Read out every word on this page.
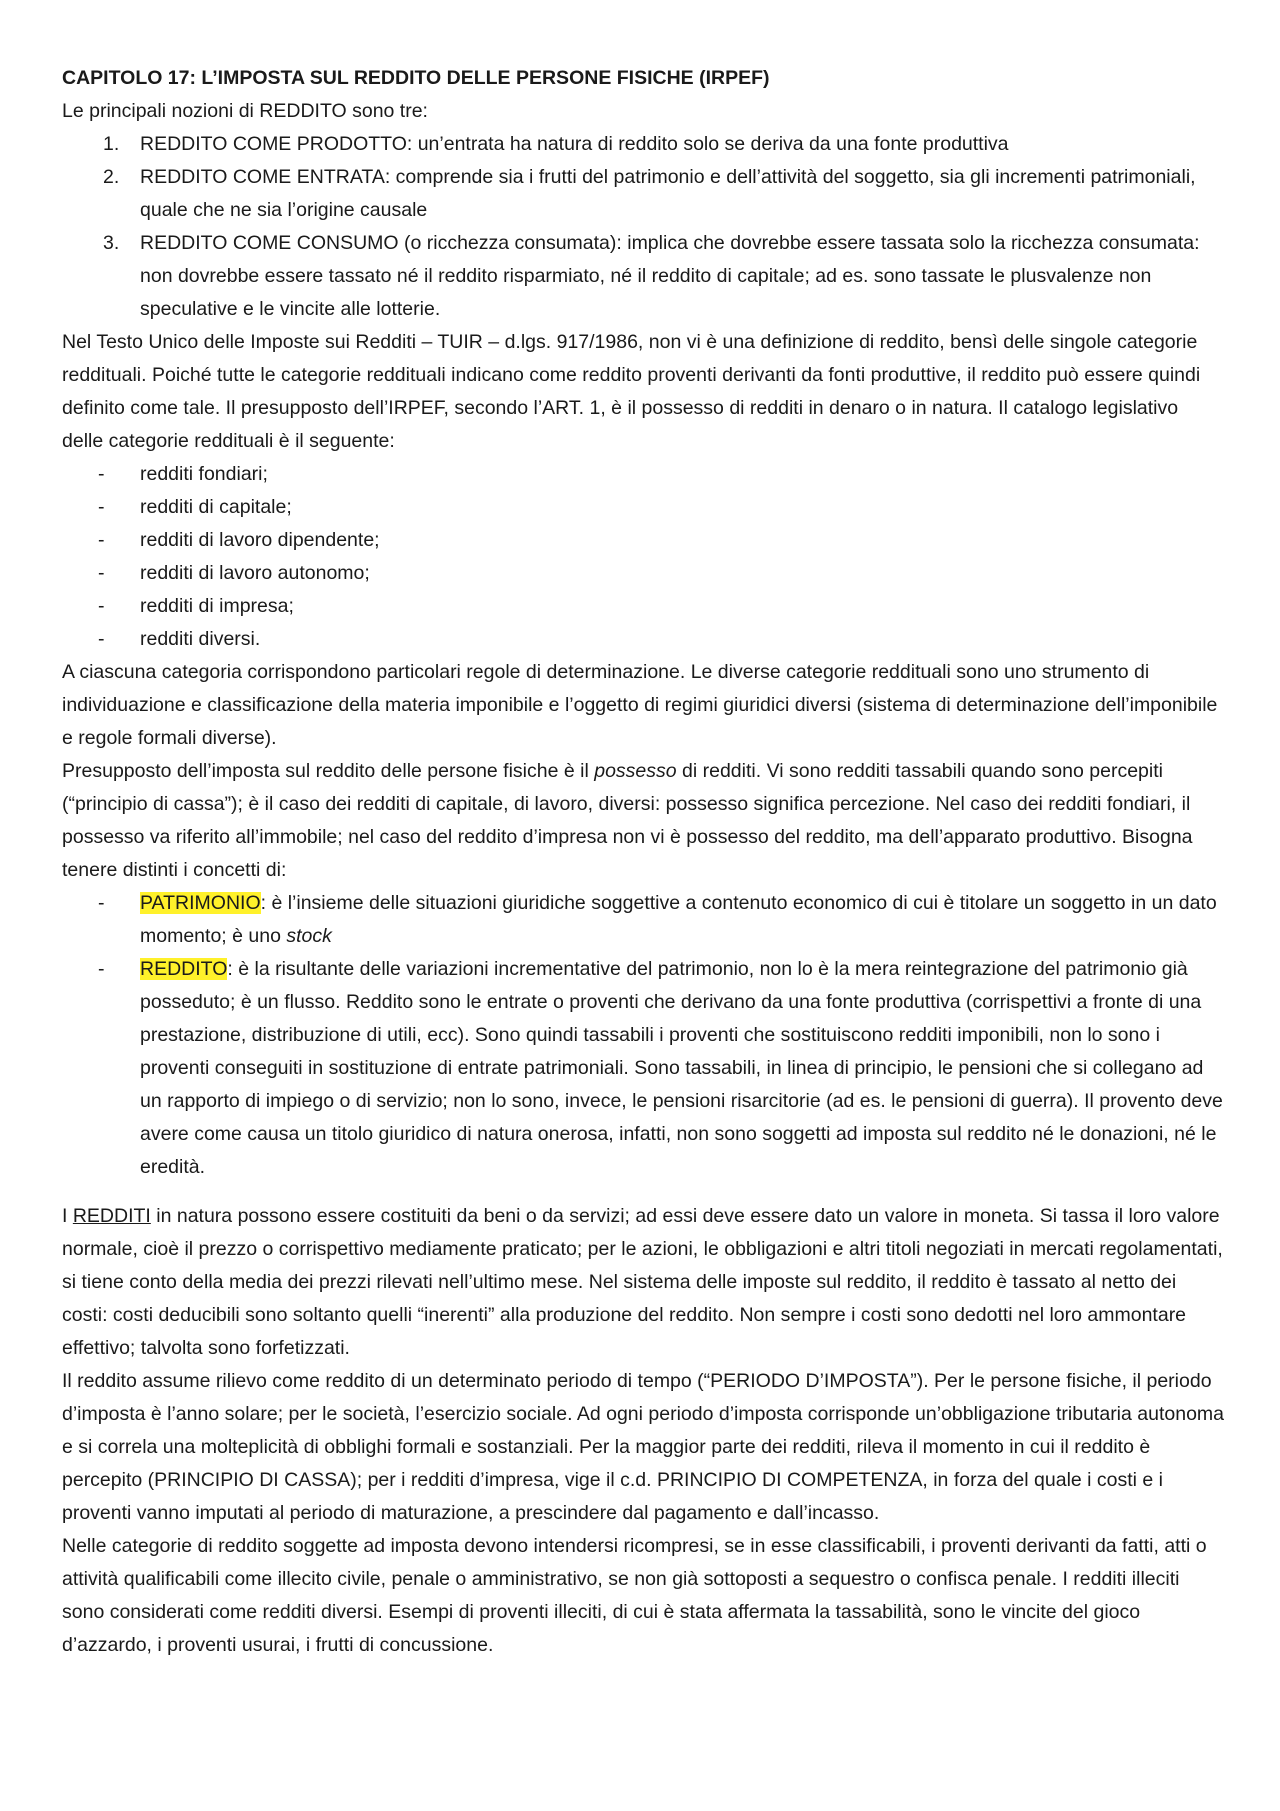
CAPITOLO 17: L’IMPOSTA SUL REDDITO DELLE PERSONE FISICHE (IRPEF)

Le principali nozioni di REDDITO sono tre:

1. REDDITO COME PRODOTTO: un’entrata ha natura di reddito solo se deriva da una fonte produttiva
2. REDDITO COME ENTRATA: comprende sia i frutti del patrimonio e dell’attività del soggetto, sia gli incrementi patrimoniali, quale che ne sia l’origine causale
3. REDDITO COME CONSUMO (o ricchezza consumata): implica che dovrebbe essere tassata solo la ricchezza consumata: non dovrebbe essere tassato né il reddito risparmiato, né il reddito di capitale; ad es. sono tassate le plusvalenze non speculative e le vincite alle lotterie.

Nel Testo Unico delle Imposte sui Redditi – TUIR – d.lgs. 917/1986, non vi è una definizione di reddito, bensì delle singole categorie reddituali. Poiché tutte le categorie reddituali indicano come reddito proventi derivanti da fonti produttive, il reddito può essere quindi definito come tale. Il presupposto dell’IRPEF, secondo l’ART. 1, è il possesso di redditi in denaro o in natura. Il catalogo legislativo delle categorie reddituali è il seguente:

- redditi fondiari;
- redditi di capitale;
- redditi di lavoro dipendente;
- redditi di lavoro autonomo;
- redditi di impresa;
- redditi diversi.

A ciascuna categoria corrispondono particolari regole di determinazione. Le diverse categorie reddituali sono uno strumento di individuazione e classificazione della materia imponibile e l’oggetto di regimi giuridici diversi (sistema di determinazione dell’imponibile e regole formali diverse).

Presupposto dell’imposta sul reddito delle persone fisiche è il possesso di redditi. Vi sono redditi tassabili quando sono percepiti (“principio di cassa”); è il caso dei redditi di capitale, di lavoro, diversi: possesso significa percezione. Nel caso dei redditi fondiari, il possesso va riferito all’immobile; nel caso del reddito d’impresa non vi è possesso del reddito, ma dell’apparato produttivo. Bisogna tenere distinti i concetti di:

- PATRIMONIO: è l’insieme delle situazioni giuridiche soggettive a contenuto economico di cui è titolare un soggetto in un dato momento; è uno stock
- REDDITO: è la risultante delle variazioni incrementative del patrimonio, non lo è la mera reintegrazione del patrimonio già posseduto; è un flusso. Reddito sono le entrate o proventi che derivano da una fonte produttiva (corrispettivi a fronte di una prestazione, distribuzione di utili, ecc). Sono quindi tassabili i proventi che sostituiscono redditi imponibili, non lo sono i proventi conseguiti in sostituzione di entrate patrimoniali. Sono tassabili, in linea di principio, le pensioni che si collegano ad un rapporto di impiego o di servizio; non lo sono, invece, le pensioni risarcitorie (ad es. le pensioni di guerra). Il provento deve avere come causa un titolo giuridico di natura onerosa, infatti, non sono soggetti ad imposta sul reddito né le donazioni, né le eredità.

I REDDITI in natura possono essere costituiti da beni o da servizi; ad essi deve essere dato un valore in moneta. Si tassa il loro valore normale, cioè il prezzo o corrispettivo mediamente praticato; per le azioni, le obbligazioni e altri titoli negoziati in mercati regolamentati, si tiene conto della media dei prezzi rilevati nell’ultimo mese. Nel sistema delle imposte sul reddito, il reddito è tassato al netto dei costi: costi deducibili sono soltanto quelli “inerenti” alla produzione del reddito. Non sempre i costi sono dedotti nel loro ammontare effettivo; talvolta sono forfetizzati.

Il reddito assume rilievo come reddito di un determinato periodo di tempo (“PERIODO D’IMPOSTA”). Per le persone fisiche, il periodo d’imposta è l’anno solare; per le società, l’esercizio sociale. Ad ogni periodo d’imposta corrisponde un’obbligazione tributaria autonoma e si correla una molteplicità di obblighi formali e sostanziali. Per la maggior parte dei redditi, rileva il momento in cui il reddito è percepito (PRINCIPIO DI CASSA); per i redditi d’impresa, vige il c.d. PRINCIPIO DI COMPETENZA, in forza del quale i costi e i proventi vanno imputati al periodo di maturazione, a prescindere dal pagamento e dall’incasso.

Nelle categorie di reddito soggette ad imposta devono intendersi ricompresi, se in esse classificabili, i proventi derivanti da fatti, atti o attività qualificabili come illecito civile, penale o amministrativo, se non già sottoposti a sequestro o confisca penale. I redditi illeciti sono considerati come redditi diversi. Esempi di proventi illeciti, di cui è stata affermata la tassabilità, sono le vincite del gioco d’azzardo, i proventi usurai, i frutti di concussione.
